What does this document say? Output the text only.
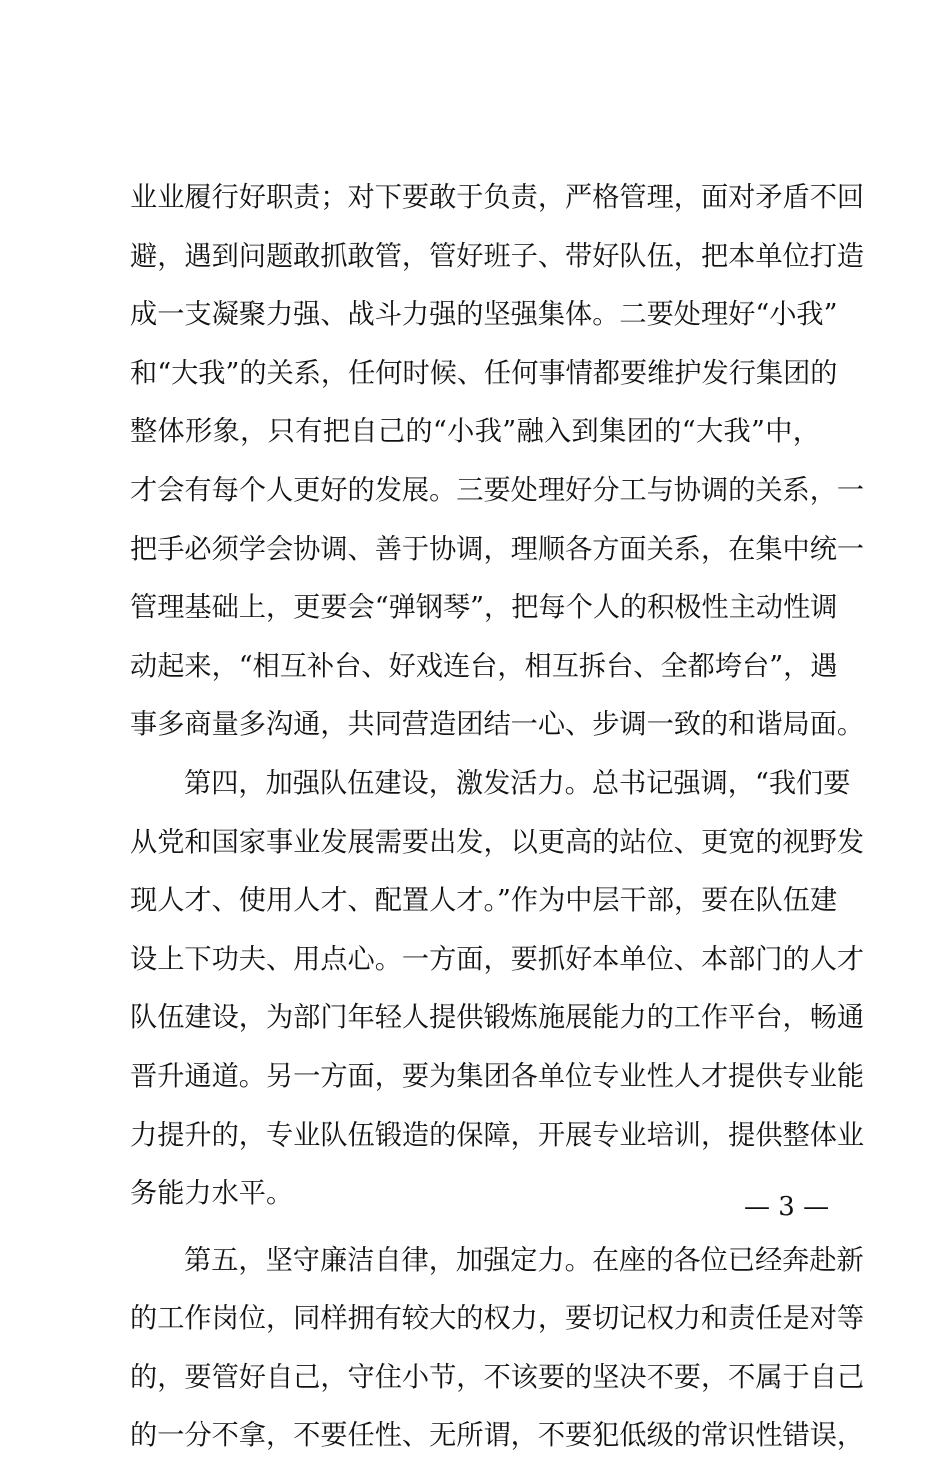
业业履行好职责；对下要敢于负责，严格管理，面对矛盾不回
避，遇到问题敢抓敢管，管好班子、带好队伍，把本单位打造
成一支凝聚力强、战斗力强的坚强集体。二要处理好“小我”
和“大我”的关系，任何时候、任何事情都要维护发行集团的
整体形象，只有把自己的“小我”融入到集团的“大我”中，
才会有每个人更好的发展。三要处理好分工与协调的关系，一
把手必须学会协调、善于协调，理顺各方面关系，在集中统一
管理基础上，更要会“弹钢琴”，把每个人的积极性主动性调
动起来，“相互补台、好戏连台，相互拆台、全都垮台”，遇
事多商量多沟通，共同营造团结一心、步调一致的和谐局面。
第四，加强队伍建设，激发活力。总书记强调，“我们要
从党和国家事业发展需要出发，以更高的站位、更宽的视野发
现人才、使用人才、配置人才。”作为中层干部，要在队伍建
设上下功夫、用点心。一方面，要抓好本单位、本部门的人才
队伍建设，为部门年轻人提供锻炼施展能力的工作平台，畅通
晋升通道。另一方面，要为集团各单位专业性人才提供专业能
力提升的，专业队伍锻造的保障，开展专业培训，提供整体业
务能力水平。
第五，坚守廉洁自律，加强定力。在座的各位已经奔赴新
的工作岗位，同样拥有较大的权力，要切记权力和责任是对等
的，要管好自己，守住小节，不该要的坚决不要，不属于自己
的一分不拿，不要任性、无所谓，不要犯低级的常识性错误，
— 3 —
